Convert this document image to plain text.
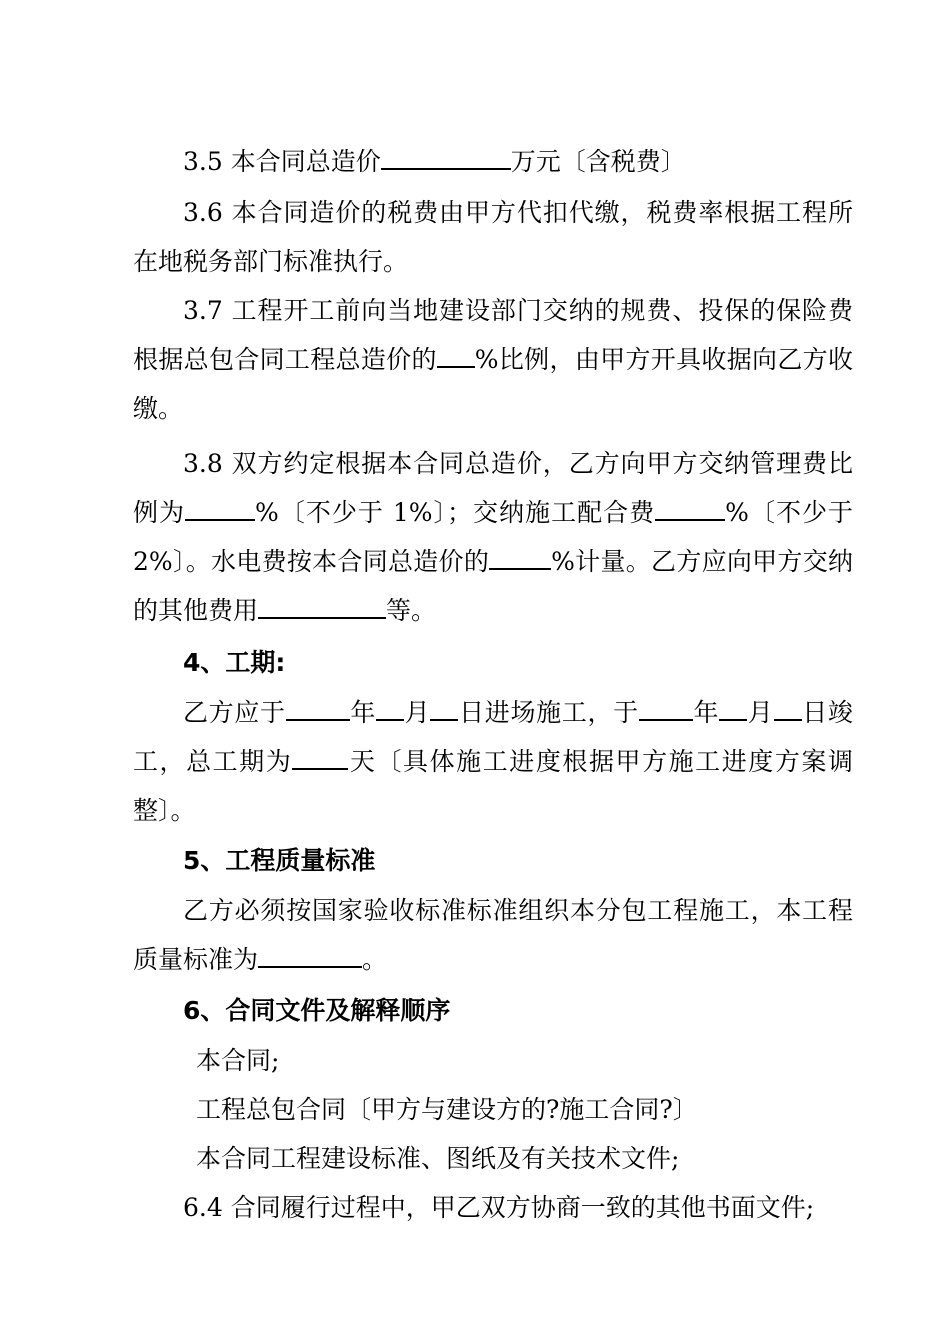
3.5 本合同总造价	万元〔含税费〕
3.6 本合同造价的税费由甲方代扣代缴，税费率根据工程所
在地税务部门标准执行。
3.7 工程开工前向当地建设部门交纳的规费、投保的保险费
根据总包合同工程总造价的 %比例，由甲方开具收据向乙方收
缴。
3.8 双方约定根据本合同总造价，乙方向甲方交纳管理费比
例为	%〔不少于 1%〕；交纳施工配合费	%〔不少于
2%〕。水电费按本合同总造价的 %计量。乙方应向甲方交纳
的其他费用	等。
4、工期:
乙方应于	年 月 日进场施工，于 年 月 日竣
工，总工期为 天〔具体施工进度根据甲方施工进度方案调
整〕。
5、工程质量标准
乙方必须按国家验收标准标准组织本分包工程施工，本工程
质量标准为	。
6、合同文件及解释顺序
本合同;
工程总包合同〔甲方与建设方的?施工合同?〕
本合同工程建设标准、图纸及有关技术文件;
6.4 合同履行过程中，甲乙双方协商一致的其他书面文件;
